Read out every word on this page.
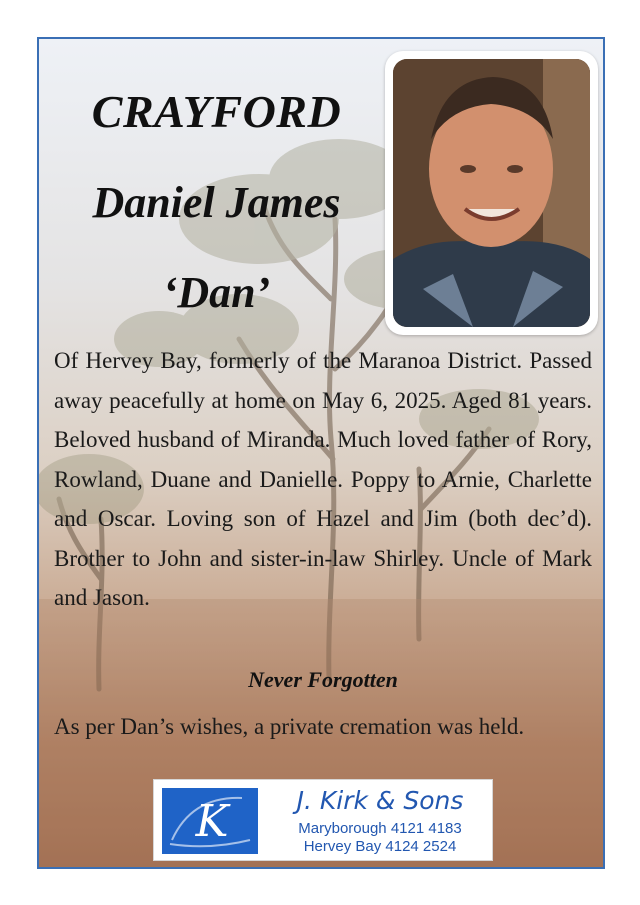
CRAYFORD
Daniel James
‘Dan’

Of Hervey Bay, formerly of the Maranoa District. Passed away peacefully at home on May 6, 2025. Aged 81 years. Beloved husband of Miranda. Much loved father of Rory, Rowland, Duane and Danielle. Poppy to Arnie, Charlette and Oscar. Loving son of Hazel and Jim (both dec’d). Brother to John and sister-in-law Shirley. Uncle of Mark and Jason.

Never Forgotten

As per Dan’s wishes, a private cremation was held.

K	J. Kirk & Sons
Maryborough 4121 4183
Hervey Bay 4124 2524
